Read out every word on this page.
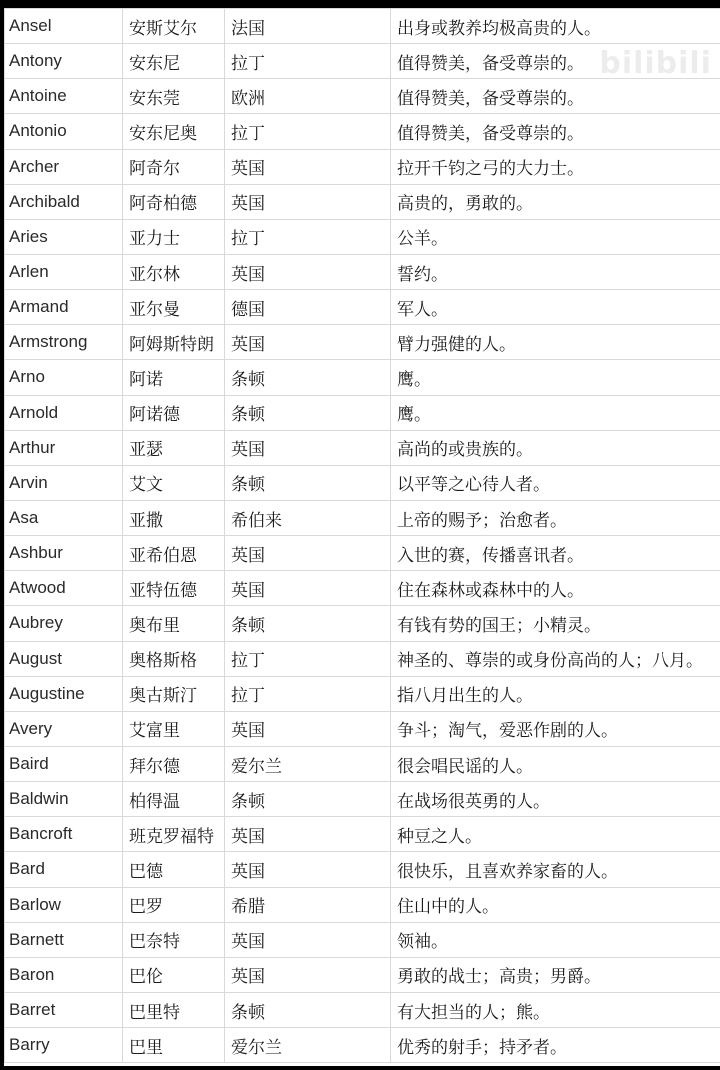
Ansel	安斯艾尔	法国	出身或教养均极高贵的人。
Antony	安东尼	拉丁	值得赞美，备受尊崇的。
Antoine	安东莞	欧洲	值得赞美，备受尊崇的。
Antonio	安东尼奥	拉丁	值得赞美，备受尊崇的。
Archer	阿奇尔	英国	拉开千钧之弓的大力士。
Archibald	阿奇柏德	英国	高贵的，勇敢的。
Aries	亚力士	拉丁	公羊。
Arlen	亚尔林	英国	誓约。
Armand	亚尔曼	德国	军人。
Armstrong	阿姆斯特朗	英国	臂力强健的人。
Arno	阿诺	条顿	鹰。
Arnold	阿诺德	条顿	鹰。
Arthur	亚瑟	英国	高尚的或贵族的。
Arvin	艾文	条顿	以平等之心待人者。
Asa	亚撒	希伯来	上帝的赐予；治愈者。
Ashbur	亚希伯恩	英国	入世的赛，传播喜讯者。
Atwood	亚特伍德	英国	住在森林或森林中的人。
Aubrey	奥布里	条顿	有钱有势的国王；小精灵。
August	奥格斯格	拉丁	神圣的、尊崇的或身份高尚的人；八月。
Augustine	奥古斯汀	拉丁	指八月出生的人。
Avery	艾富里	英国	争斗；淘气，爱恶作剧的人。
Baird	拜尔德	爱尔兰	很会唱民谣的人。
Baldwin	柏得温	条顿	在战场很英勇的人。
Bancroft	班克罗福特	英国	种豆之人。
Bard	巴德	英国	很快乐，且喜欢养家畜的人。
Barlow	巴罗	希腊	住山中的人。
Barnett	巴奈特	英国	领袖。
Baron	巴伦	英国	勇敢的战士；高贵；男爵。
Barret	巴里特	条顿	有大担当的人；熊。
Barry	巴里	爱尔兰	优秀的射手；持矛者。
bilibili
